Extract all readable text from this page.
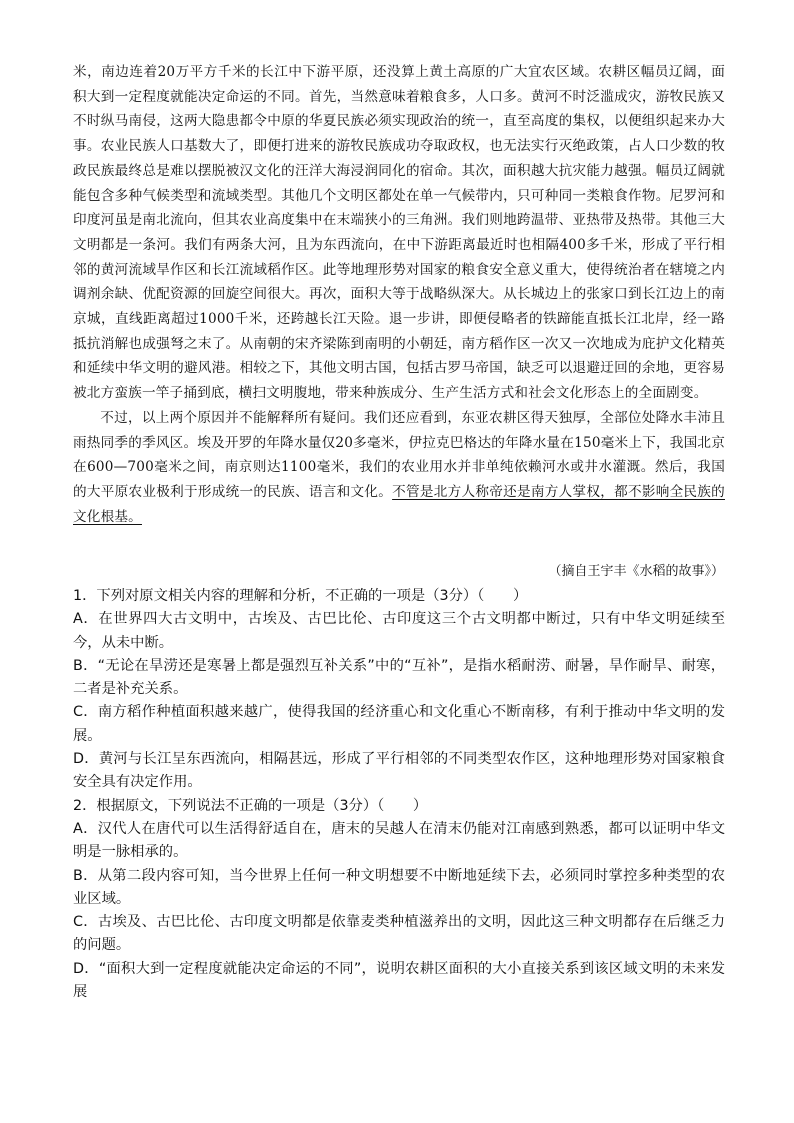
米，南边连着20万平方千米的长江中下游平原，还没算上黄土高原的广大宜农区域。农耕区幅员辽阔，面积大到一定程度就能决定命运的不同。首先，当然意味着粮食多，人口多。黄河不时泛滥成灾，游牧民族又不时纵马南侵，这两大隐患都令中原的华夏民族必须实现政治的统一，直至高度的集权，以便组织起来办大事。农业民族人口基数大了，即便打进来的游牧民族成功夺取政权，也无法实行灭绝政策，占人口少数的牧政民族最终总是难以摆脱被汉文化的汪洋大海浸润同化的宿命。其次，面积越大抗灾能力越强。幅员辽阔就能包含多种气候类型和流域类型。其他几个文明区都处在单一气候带内，只可种同一类粮食作物。尼罗河和印度河虽是南北流向，但其农业高度集中在末端狭小的三角洲。我们则地跨温带、亚热带及热带。其他三大文明都是一条河。我们有两条大河，且为东西流向，在中下游距离最近时也相隔400多千米，形成了平行相邻的黄河流域旱作区和长江流域稻作区。此等地理形势对国家的粮食安全意义重大，使得统治者在辖境之内调剂余缺、优配资源的回旋空间很大。再次，面积大等于战略纵深大。从长城边上的张家口到长江边上的南京城，直线距离超过1000千米，还跨越长江天险。退一步讲，即便侵略者的铁蹄能直抵长江北岸，经一路抵抗消解也成强弩之末了。从南朝的宋齐梁陈到南明的小朝廷，南方稻作区一次又一次地成为庇护文化精英和延续中华文明的避风港。相较之下，其他文明古国，包括古罗马帝国，缺乏可以退避迂回的余地，更容易被北方蛮族一竿子捅到底，横扫文明腹地，带来种族成分、生产生活方式和社会文化形态上的全面剧变。

不过，以上两个原因并不能解释所有疑问。我们还应看到，东亚农耕区得天独厚，全部位处降水丰沛且雨热同季的季风区。埃及开罗的年降水量仅20多毫米，伊拉克巴格达的年降水量在150毫米上下，我国北京在600—700毫米之间，南京则达1100毫米，我们的农业用水并非单纯依赖河水或井水灌溉。然后，我国的大平原农业极利于形成统一的民族、语言和文化。不管是北方人称帝还是南方人掌权，都不影响全民族的文化根基。

（摘自王宇丰《水稻的故事》）

1．下列对原文相关内容的理解和分析，不正确的一项是（3分）（　　）

A．在世界四大古文明中，古埃及、古巴比伦、古印度这三个古文明都中断过，只有中华文明延续至今，从未中断。

B．“无论在旱涝还是寒暑上都是强烈互补关系”中的“互补”，是指水稻耐涝、耐暑，旱作耐旱、耐寒，二者是补充关系。

C．南方稻作种植面积越来越广，使得我国的经济重心和文化重心不断南移，有利于推动中华文明的发展。

D．黄河与长江呈东西流向，相隔甚远，形成了平行相邻的不同类型农作区，这种地理形势对国家粮食安全具有决定作用。

2．根据原文，下列说法不正确的一项是（3分）（　　）

A．汉代人在唐代可以生活得舒适自在，唐末的吴越人在清末仍能对江南感到熟悉，都可以证明中华文明是一脉相承的。

B．从第二段内容可知，当今世界上任何一种文明想要不中断地延续下去，必须同时掌控多种类型的农业区域。

C．古埃及、古巴比伦、古印度文明都是依靠麦类种植滋养出的文明，因此这三种文明都存在后继乏力的问题。

D．“面积大到一定程度就能决定命运的不同”，说明农耕区面积的大小直接关系到该区域文明的未来发展
